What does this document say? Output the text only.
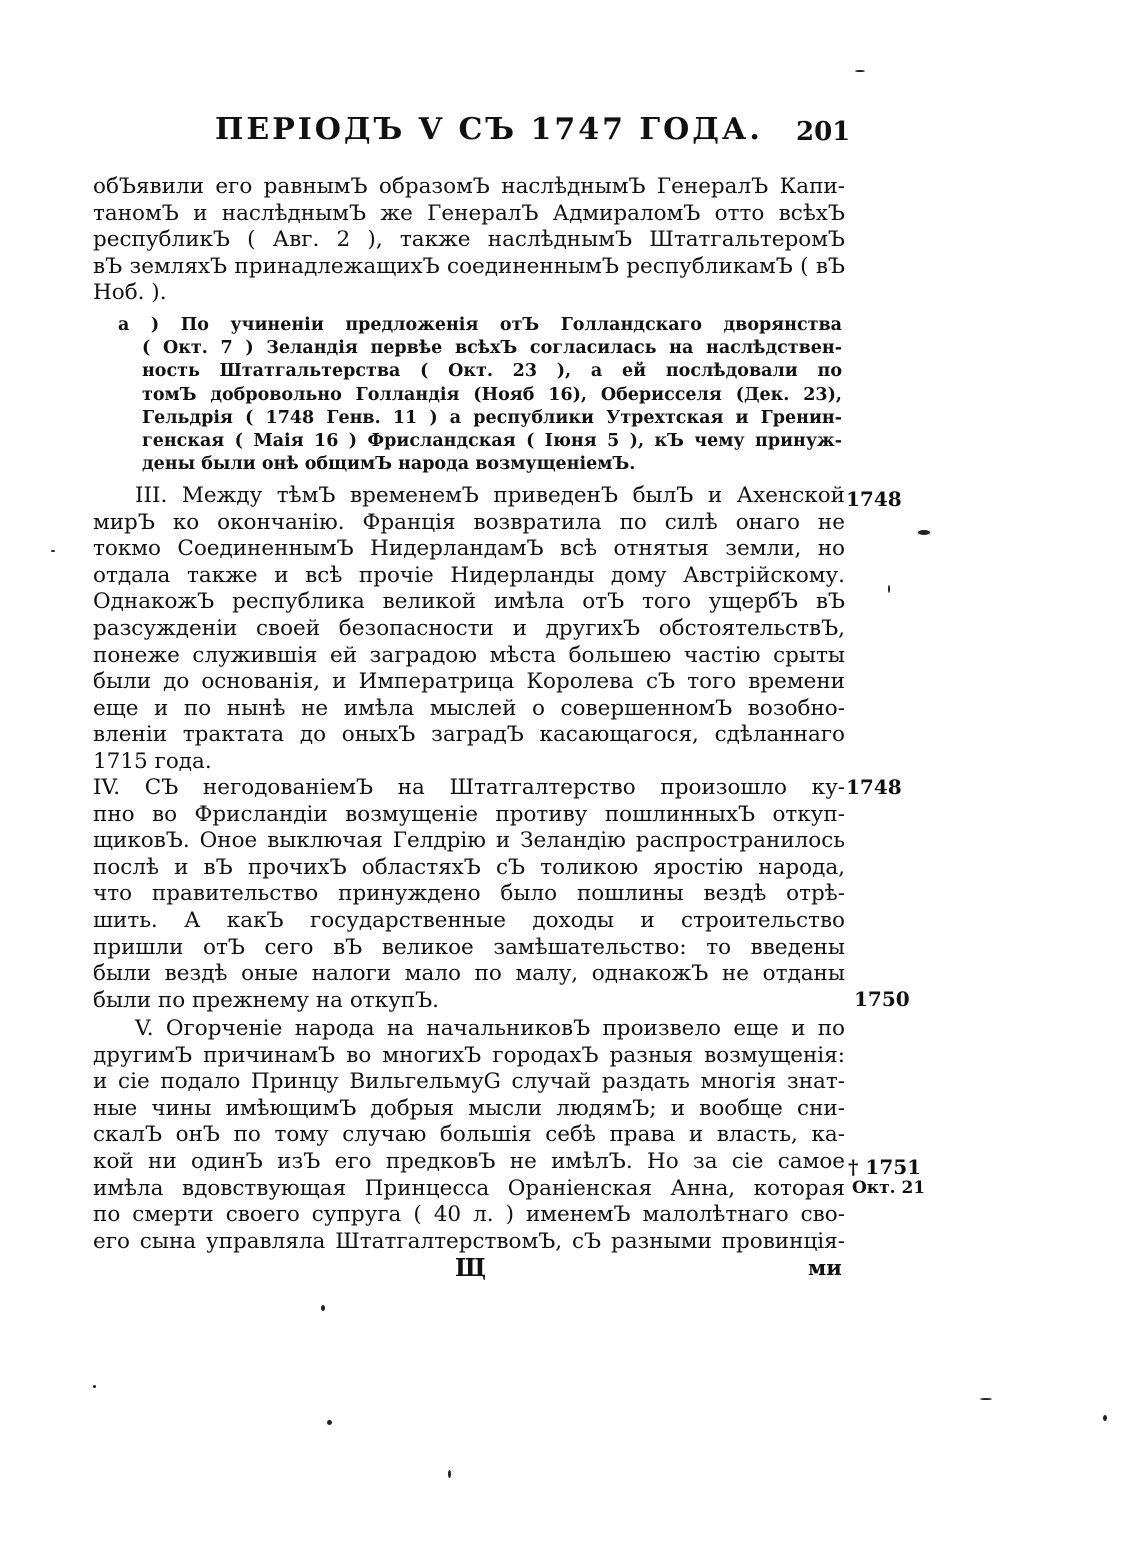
ПЕРIОДЪ V СЪ 1747 ГОДА. 201
обЪявили его равнымЪ образомЪ наслѣднымЪ ГенералЪ Капи-
таномЪ и наслѣднымЪ же ГенералЪ АдмираломЪ отто всѣхЪ
республикЪ ( Авг. 2 ), также наслѣднымЪ ШтатгальтеромЪ
вЪ земляхЪ принадлежащихЪ соединеннымЪ республикамЪ ( вЪ
Ноб. ).
а ) По учиненiи предложенiя отЪ Голландскаго дворянства
( Окт. 7 ) Зеландiя первѣе всѣхЪ согласилась на наслѣдствен-
ность Штатгальтерства ( Окт. 23 ), а ей послѣдовали по
томЪ добровольно Голландiя (Нояб 16), Оберисселя (Дек. 23),
Гельдрiя ( 1748 Генв. 11 ) а республики Утрехтская и Гренин-
генская ( Маiя 16 ) Фрисландская ( Iюня 5 ), кЪ чему принуж-
дены были онѣ общимЪ народа возмущенiемЪ.
III. Между тѣмЪ временемЪ приведенЪ былЪ и Ахенской
мирЪ ко окончанiю. Францiя возвратила по силѣ онаго не
токмо СоединеннымЪ НидерландамЪ всѣ отнятыя земли, но
отдала также и всѣ прочiе Нидерланды дому Австрiйскому.
ОднакожЪ республика великой имѣла отЪ того ущербЪ вЪ
разсужденiи своей безопасности и другихЪ обстоятельствЪ,
понеже служившiя ей заградою мѣста большею частiю срыты
были до основанiя, и Императрица Королева сЪ того времени
еще и по нынѣ не имѣла мыслей о совершенномЪ возобно-
вленiи трактата до оныхЪ заградЪ касающагося, сдѣланнаго
1715 года.
IV. СЪ негодованiемЪ на Штатгалтерство произошло ку-
пно во Фрисландiи возмущенiе противу пошлинныхЪ откуп-
щиковЪ. Оное выключая Гелдрiю и Зеландiю распространилось
послѣ и вЪ прочихЪ областяхЪ сЪ толикою яростiю народа,
что правительство принуждено было пошлины вездѣ отрѣ-
шить. А какЪ государственные доходы и строительство
пришли отЪ сего вЪ великое замѣшательство: то введены
были вездѣ оные налоги мало по малу, однакожЪ не отданы
были по прежнему на откупЪ.
V. Огорченiе народа на начальниковЪ произвело еще и по
другимЪ причинамЪ во многихЪ городахЪ разныя возмущенiя:
и сiе подало Принцу ВильгельмуG случай раздать многiя знат-
ные чины имѣющимЪ добрыя мысли людямЪ; и вообще сни-
скалЪ онЪ по тому случаю большiя себѣ права и власть, ка-
кой ни одинЪ изЪ его предковЪ не имѣлЪ. Но за сiе самое
имѣла вдовствующая Принцесса Оранiенская Анна, которая
по смерти своего супруга ( 40 л. ) именемЪ малолѣтнаго сво-
его сына управляла ШтатгалтерствомЪ, сЪ разными провинцiя-
1748
1748
1750
† 1751
Окт. 21
Щ	ми
